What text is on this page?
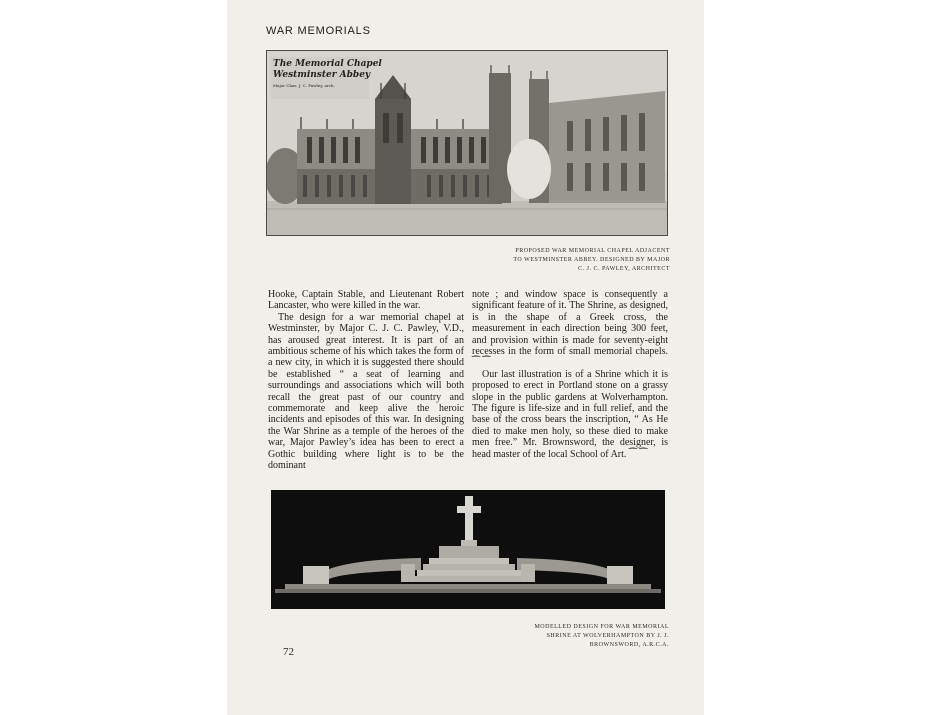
WAR MEMORIALS
The Memorial Chapel
Westminster Abbey
Major Chas. J. C. Pawley, arch.
PROPOSED WAR MEMORIAL CHAPEL ADJACENT TO WESTMINSTER ABBEY. DESIGNED BY MAJOR C. J. C. PAWLEY, ARCHITECT

Hooke, Captain Stable, and Lieutenant Robert Lancaster, who were killed in the war.

The design for a war memorial chapel at Westminster, by Major C. J. C. Pawley, V.D., has aroused great interest. It is part of an ambitious scheme of his which takes the form of a new city, in which it is suggested there should be established “ a seat of learning and surroundings and associations which will both recall the great past of our country and commemorate and keep alive the heroic incidents and episodes of this war. In designing the War Shrine as a temple of the heroes of the war, Major Pawley’s idea has been to erect a Gothic building where light is to be the dominant

note ; and window space is consequently a significant feature of it. The Shrine, as designed, is in the shape of a Greek cross, the measurement in each direction being 300 feet, and provision within is made for seventy-eight recesses in the form of small memorial chapels. ⁀ ⁀

Our last illustration is of a Shrine which it is proposed to erect in Portland stone on a grassy slope in the public gardens at Wolverhampton. The figure is life-size and in full relief, and the base of the cross bears the inscription, “ As He died to make men holy, so these died to make men free.” Mr. Brownsword, the designer, is head master of the local School of Art. ⁀ ⁀

MODELLED DESIGN FOR WAR MEMORIAL SHRINE AT WOLVERHAMPTON BY J. J. BROWNSWORD, A.R.C.A.
72
